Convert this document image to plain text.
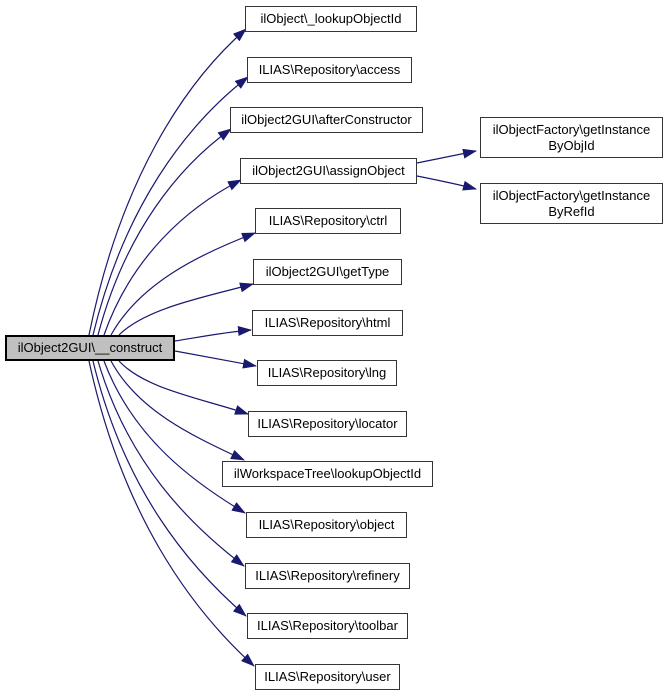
ilObject2GUI\__construct
ilObject\_lookupObjectId
ILIAS\Repository\access
ilObject2GUI\afterConstructor
ilObject2GUI\assignObject
ILIAS\Repository\ctrl
ilObject2GUI\getType
ILIAS\Repository\html
ILIAS\Repository\lng
ILIAS\Repository\locator
ilWorkspaceTree\lookupObjectId
ILIAS\Repository\object
ILIAS\Repository\refinery
ILIAS\Repository\toolbar
ILIAS\Repository\user
ilObjectFactory\getInstance
ByObjId
ilObjectFactory\getInstance
ByRefId
